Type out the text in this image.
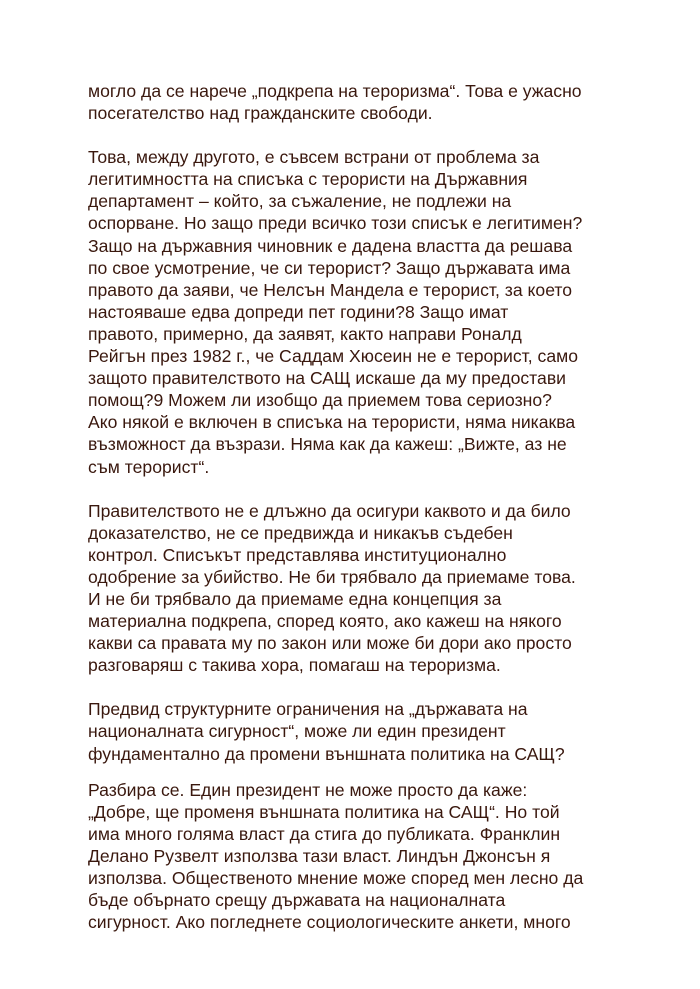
могло да се нарече „подкрепа на тероризма“. Това е ужасно
посегателство над гражданските свободи.

Това, между другото, е съвсем встрани от проблема за
легитимността на списъка с терористи на Държавния
департамент – който, за съжаление, не подлежи на
оспорване. Но защо преди всичко този списък е легитимен?
Защо на държавния чиновник е дадена властта да решава
по свое усмотрение, че си терорист? Защо държавата има
правото да заяви, че Нелсън Мандела е терорист, за което
настояваше едва допреди пет години?8 Защо имат
правото, примерно, да заявят, както направи Роналд
Рейгън през 1982 г., че Саддам Хюсеин не е терорист, само
защото правителството на САЩ искаше да му предостави
помощ?9 Можем ли изобщо да приемем това сериозно?
Ако някой е включен в списъка на терористи, няма никаква
възможност да възрази. Няма как да кажеш: „Вижте, аз не
съм терорист“.

Правителството не е длъжно да осигури каквото и да било
доказателство, не се предвижда и никакъв съдебен
контрол. Списъкът представлява институционално
одобрение за убийство. Не би трябвало да приемаме това.
И не би трябвало да приемаме една концепция за
материална подкрепа, според която, ако кажеш на някого
какви са правата му по закон или може би дори ако просто
разговаряш с такива хора, помагаш на тероризма.

Предвид структурните ограничения на „държавата на
националната сигурност“, може ли един президент
фундаментално да промени външната политика на САЩ?

Разбира се. Един президент не може просто да каже:
„Добре, ще променя външната политика на САЩ“. Но той
има много голяма власт да стига до публиката. Франклин
Делано Рузвелт използва тази власт. Линдън Джонсън я
използва. Общественото мнение може според мен лесно да
бъде обърнато срещу държавата на националната
сигурност. Ако погледнете социологическите анкети, много
